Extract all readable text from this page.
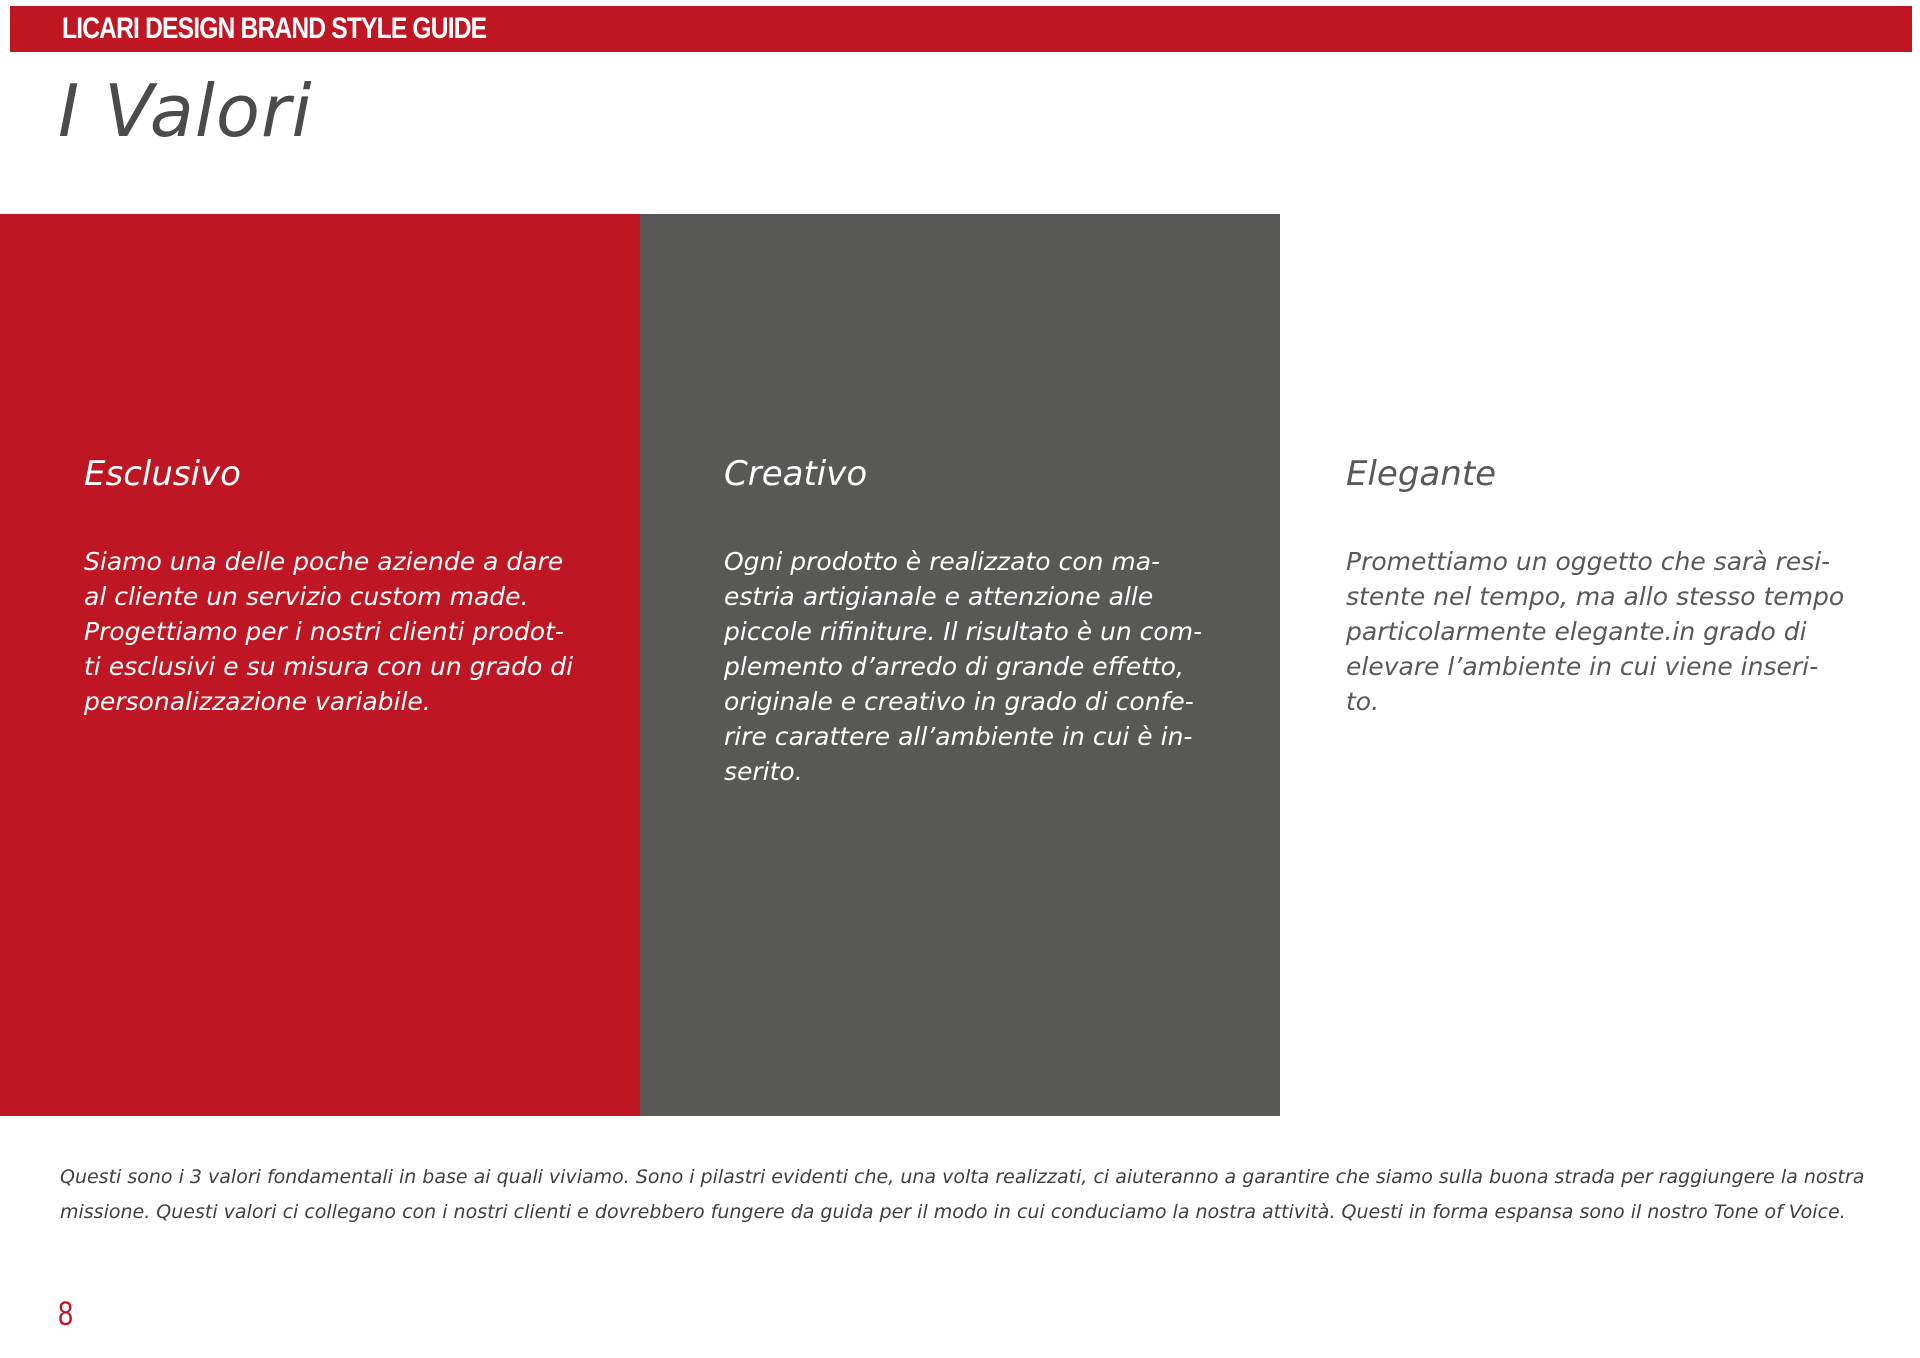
LICARI DESIGN BRAND STYLE GUIDE
I Valori
Esclusivo

Siamo una delle poche aziende a dare
al cliente un servizio custom made.
Progettiamo per i nostri clienti prodot-
ti esclusivi e su misura con un grado di
personalizzazione variabile.

Creativo

Ogni prodotto è realizzato con ma-
estria artigianale e attenzione alle
piccole rifiniture. Il risultato è un com-
plemento d’arredo di grande effetto,
originale e creativo in grado di confe-
rire carattere all’ambiente in cui è in-
serito.

Elegante

Promettiamo un oggetto che sarà resi-
stente nel tempo, ma allo stesso tempo
particolarmente elegante.in grado di
elevare l’ambiente in cui viene inseri-
to.

Questi sono i 3 valori fondamentali in base ai quali viviamo. Sono i pilastri evidenti che, una volta realizzati, ci aiuteranno a garantire che siamo sulla buona strada per raggiungere la nostra
missione. Questi valori ci collegano con i nostri clienti e dovrebbero fungere da guida per il modo in cui conduciamo la nostra attività. Questi in forma espansa sono il nostro Tone of Voice.

8
